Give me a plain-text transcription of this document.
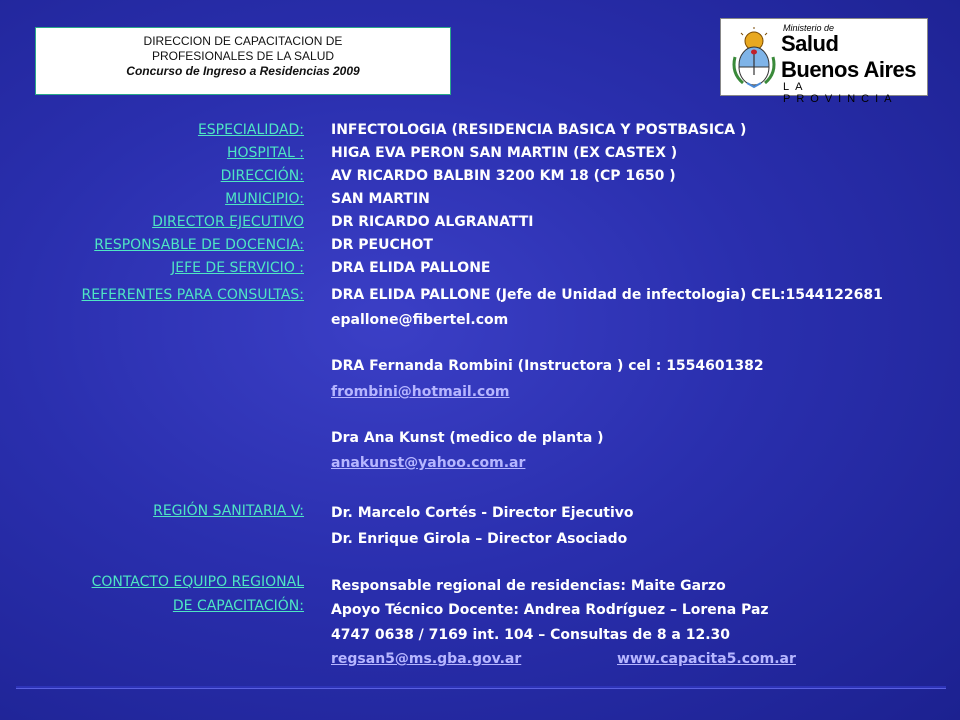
DIRECCION DE CAPACITACION DE
PROFESIONALES DE LA SALUD
Concurso de Ingreso a Residencias 2009
Ministerio de
Salud
Buenos Aires
LA PROVINCIA
ESPECIALIDAD:
HOSPITAL :
DIRECCIÓN:
MUNICIPIO:
DIRECTOR EJECUTIVO
RESPONSABLE DE DOCENCIA:
JEFE DE SERVICIO :
REFERENTES PARA CONSULTAS:
REGIÓN SANITARIA V:
CONTACTO EQUIPO REGIONAL
DE CAPACITACIÓN:
INFECTOLOGIA (RESIDENCIA BASICA Y POSTBASICA )
HIGA EVA PERON SAN MARTIN (EX CASTEX )
AV RICARDO BALBIN 3200 KM 18 (CP 1650 )
SAN MARTIN
DR RICARDO ALGRANATTI
DR PEUCHOT
DRA ELIDA PALLONE
DRA ELIDA PALLONE (Jefe de Unidad de infectologia) CEL:1544122681
epallone@fibertel.com
DRA Fernanda Rombini (Instructora ) cel : 1554601382
frombini@hotmail.com
Dra Ana Kunst (medico de planta )
anakunst@yahoo.com.ar
Dr. Marcelo Cortés - Director Ejecutivo
Dr. Enrique Girola – Director Asociado
Responsable regional de residencias: Maite Garzo
Apoyo Técnico Docente: Andrea Rodríguez – Lorena Paz
4747 0638 / 7169 int. 104 – Consultas de 8 a 12.30
regsan5@ms.gba.gov.ar	www.capacita5.com.ar
